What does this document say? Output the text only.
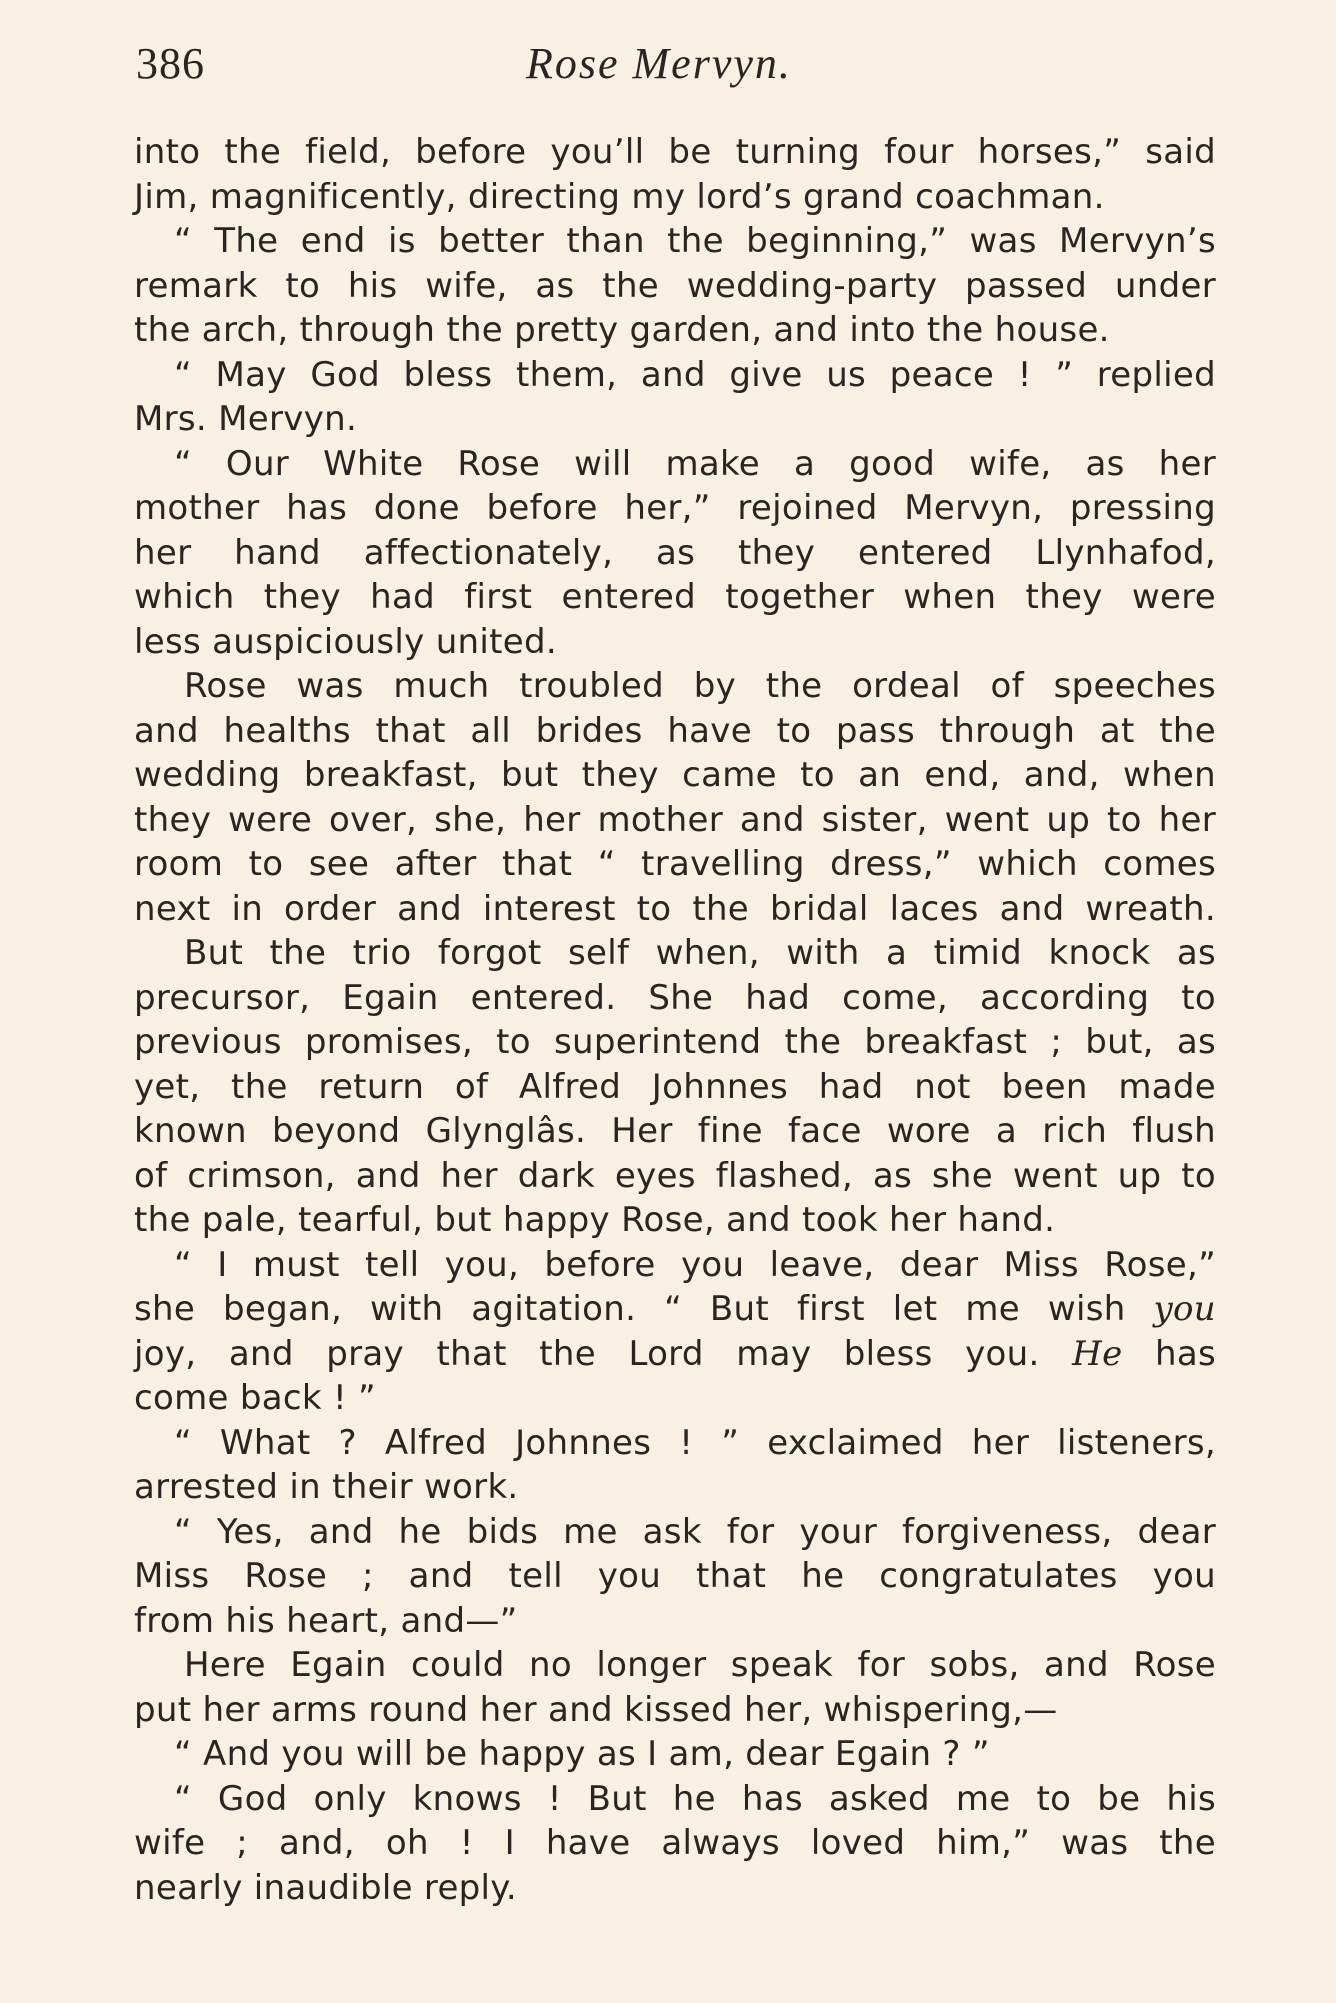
386	Rose Mervyn.
into the field, before you’ll be turning four horses,” said
Jim, magnificently, directing my lord’s grand coachman.
“ The end is better than the beginning,” was Mervyn’s
remark to his wife, as the wedding-party passed under
the arch, through the pretty garden, and into the house.
“ May God bless them, and give us peace ! ” replied
Mrs. Mervyn.
“ Our White Rose will make a good wife, as her
mother has done before her,” rejoined Mervyn, pressing
her hand affectionately, as they entered Llynhafod,
which they had first entered together when they were
less auspiciously united.
Rose was much troubled by the ordeal of speeches
and healths that all brides have to pass through at the
wedding breakfast, but they came to an end, and, when
they were over, she, her mother and sister, went up to her
room to see after that “ travelling dress,” which comes
next in order and interest to the bridal laces and wreath.
But the trio forgot self when, with a timid knock as
precursor, Egain entered. She had come, according to
previous promises, to superintend the breakfast ; but, as
yet, the return of Alfred Johnnes had not been made
known beyond Glynglâs. Her fine face wore a rich flush
of crimson, and her dark eyes flashed, as she went up to
the pale, tearful, but happy Rose, and took her hand.
“ I must tell you, before you leave, dear Miss Rose,”
she began, with agitation. “ But first let me wish you
joy, and pray that the Lord may bless you. He has
come back ! ”
“ What ? Alfred Johnnes ! ” exclaimed her listeners,
arrested in their work.
“ Yes, and he bids me ask for your forgiveness, dear
Miss Rose ; and tell you that he congratulates you
from his heart, and—”
Here Egain could no longer speak for sobs, and Rose
put her arms round her and kissed her, whispering,—
“ And you will be happy as I am, dear Egain ? ”
“ God only knows ! But he has asked me to be his
wife ; and, oh ! I have always loved him,” was the
nearly inaudible reply.
